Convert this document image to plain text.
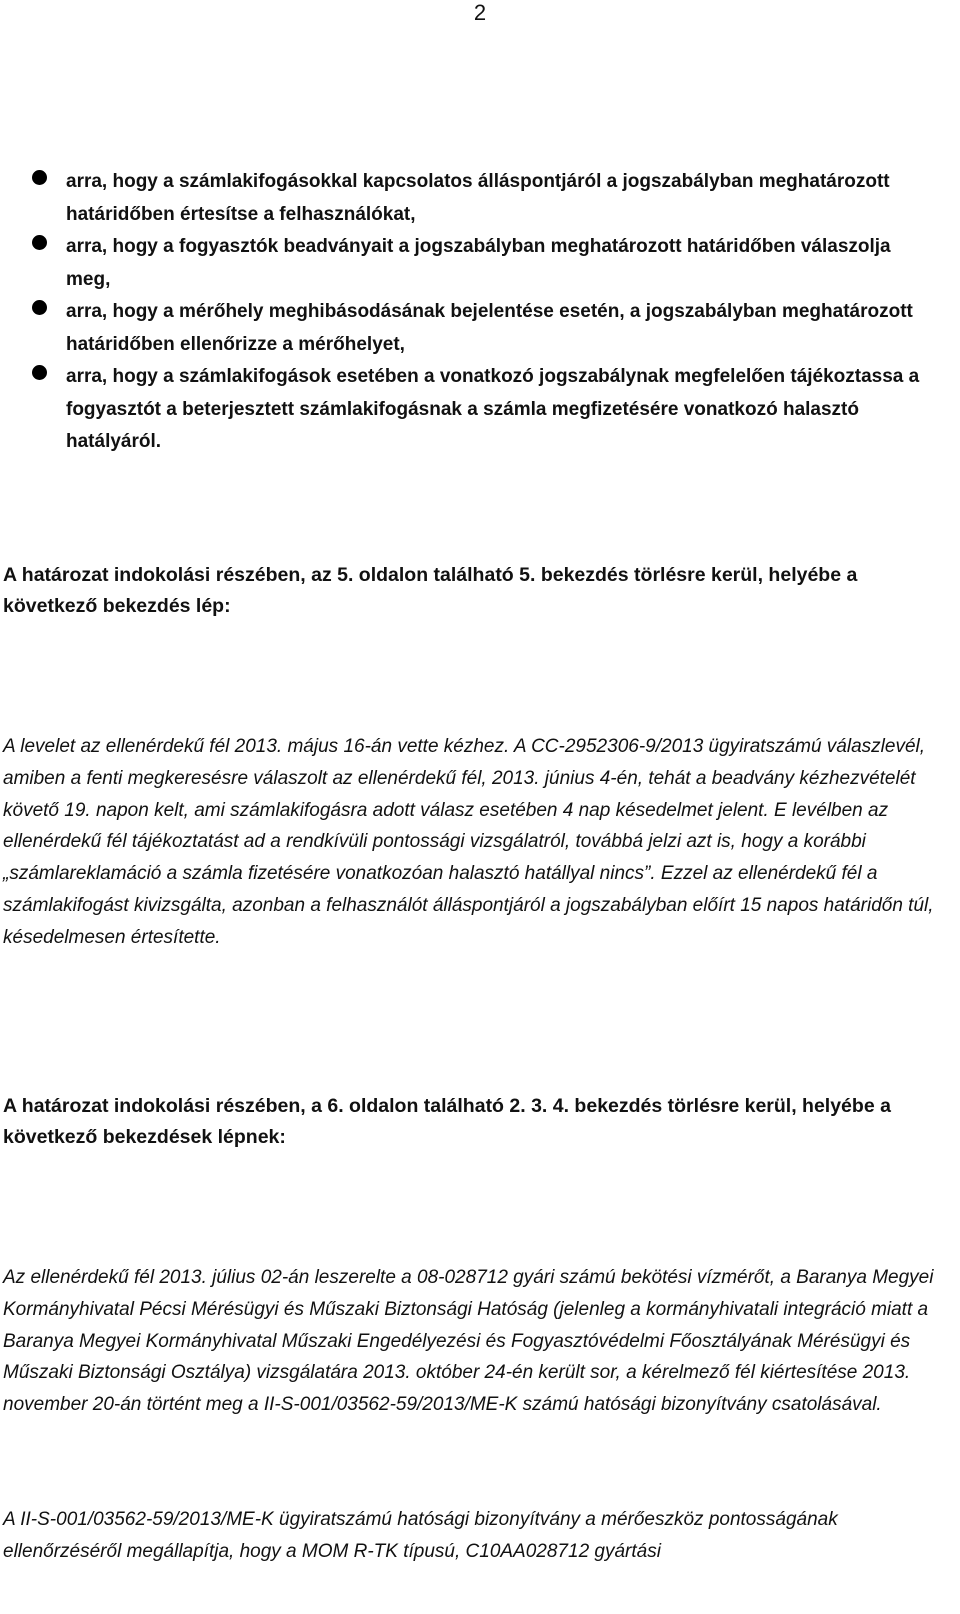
2
arra, hogy a számlakifogásokkal kapcsolatos álláspontjáról a jogszabályban meghatározott határidőben értesítse a felhasználókat,
arra, hogy a fogyasztók beadványait a jogszabályban meghatározott határidőben válaszolja meg,
arra, hogy a mérőhely meghibásodásának bejelentése esetén, a jogszabályban meghatározott határidőben ellenőrizze a mérőhelyet,
arra, hogy a számlakifogások esetében a vonatkozó jogszabálynak megfelelően tájékoztassa a fogyasztót a beterjesztett számlakifogásnak a számla megfizetésére vonatkozó halasztó hatályáról.

A határozat indokolási részében, az 5. oldalon található 5. bekezdés törlésre kerül, helyébe a következő bekezdés lép:

A levelet az ellenérdekű fél 2013. május 16-án vette kézhez. A CC-2952306-9/2013 ügyiratszámú válaszlevél, amiben a fenti megkeresésre válaszolt az ellenérdekű fél, 2013. június 4-én, tehát a beadvány kézhezvételét követő 19. napon kelt, ami számlakifogásra adott válasz esetében 4 nap késedelmet jelent. E levélben az ellenérdekű fél tájékoztatást ad a rendkívüli pontossági vizsgálatról, továbbá jelzi azt is, hogy a korábbi „számlareklamáció a számla fizetésére vonatkozóan halasztó hatállyal nincs”. Ezzel az ellenérdekű fél a számlakifogást kivizsgálta, azonban a felhasználót álláspontjáról a jogszabályban előírt 15 napos határidőn túl, késedelmesen értesítette.

A határozat indokolási részében, a 6. oldalon található 2. 3. 4. bekezdés törlésre kerül, helyébe a következő bekezdések lépnek:

Az ellenérdekű fél 2013. július 02-án leszerelte a 08-028712 gyári számú bekötési vízmérőt, a Baranya Megyei Kormányhivatal Pécsi Mérésügyi és Műszaki Biztonsági Hatóság (jelenleg a kormányhivatali integráció miatt a Baranya Megyei Kormányhivatal Műszaki Engedélyezési és Fogyasztóvédelmi Főosztályának Mérésügyi és Műszaki Biztonsági Osztálya) vizsgálatára 2013. október 24-én került sor, a kérelmező fél kiértesítése 2013. november 20-án történt meg a II-S-001/03562-59/2013/ME-K számú hatósági bizonyítvány csatolásával.

A II-S-001/03562-59/2013/ME-K ügyiratszámú hatósági bizonyítvány a mérőeszköz pontosságának ellenőrzéséről megállapítja, hogy a MOM R-TK típusú, C10AA028712 gyártási
